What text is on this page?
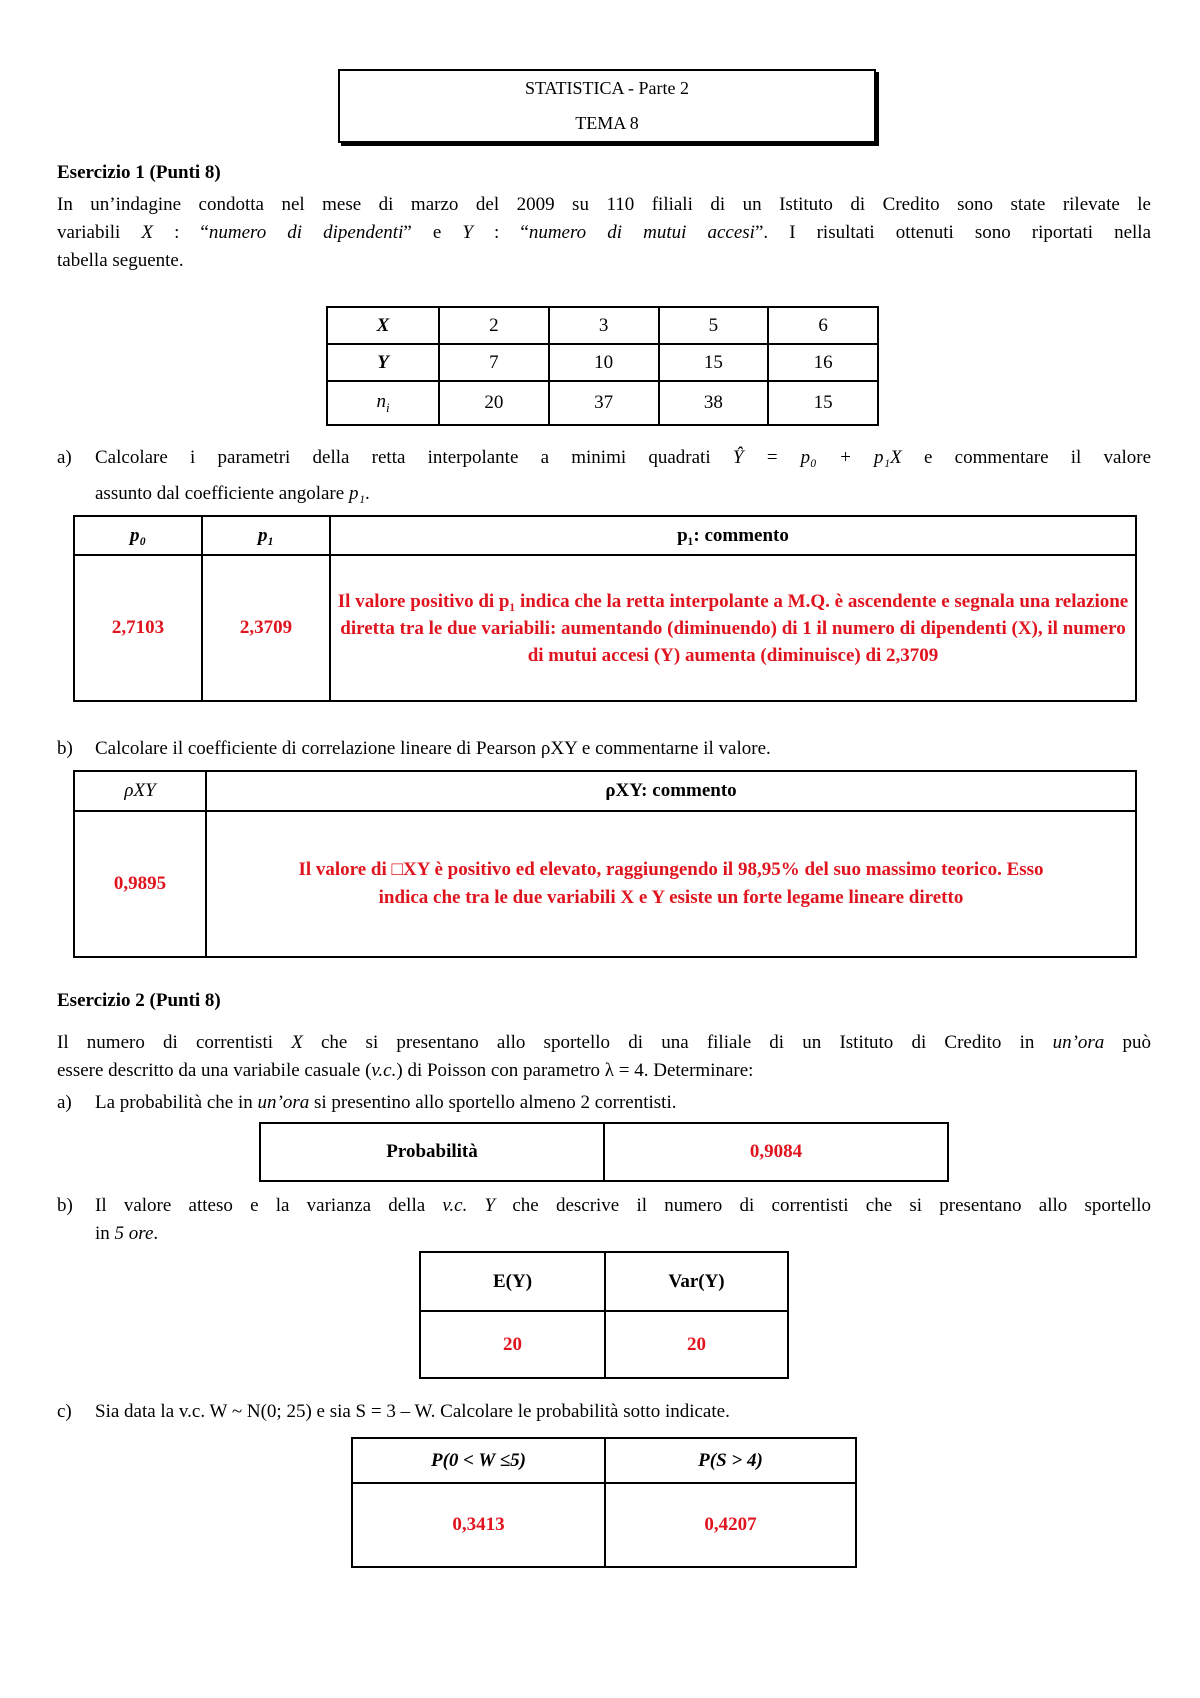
STATISTICA - Parte 2
TEMA 8
Esercizio 1 (Punti 8)
In un’indagine condotta nel mese di marzo del 2009 su 110 filiali di un Istituto di Credito sono state rilevate le
variabili X : “numero di dipendenti” e Y : “numero di mutui accesi”. I risultati ottenuti sono riportati nella
tabella seguente.
X	2	3	5	6
Y	7	10	15	16
$n_i$	20	37	38	15
a) Calcolare i parametri della retta interpolante a minimi quadrati Ŷ = p₀ + p₁X e commentare il valore
assunto dal coefficiente angolare p₁.
p₀	p₁	p₁: commento
2,7103	2,3709	Il valore positivo di p₁ indica che la retta interpolante a M.Q. è ascendente e segnala una relazione diretta tra le due variabili: aumentando (diminuendo) di 1 il numero di dipendenti (X), il numero di mutui accesi (Y) aumenta (diminuisce) di 2,3709
b) Calcolare il coefficiente di correlazione lineare di Pearson ρXY e commentarne il valore.
ρXY	ρXY: commento
0,9895	Il valore di □XY è positivo ed elevato, raggiungendo il 98,95% del suo massimo teorico. Esso indica che tra le due variabili X e Y esiste un forte legame lineare diretto
Esercizio 2 (Punti 8)
Il numero di correntisti X che si presentano allo sportello di una filiale di un Istituto di Credito in un’ora può
essere descritto da una variabile casuale (v.c.) di Poisson con parametro λ = 4. Determinare:
a) La probabilità che in un’ora si presentino allo sportello almeno 2 correntisti.
Probabilità	0,9084
b) Il valore atteso e la varianza della v.c. Y che descrive il numero di correntisti che si presentano allo sportello
in 5 ore.
E(Y)	Var(Y)
20	20
c) Sia data la v.c. W ~ N(0; 25) e sia S = 3 – W. Calcolare le probabilità sotto indicate.
P(0 < W ≤5)	P(S > 4)
0,3413	0,4207
